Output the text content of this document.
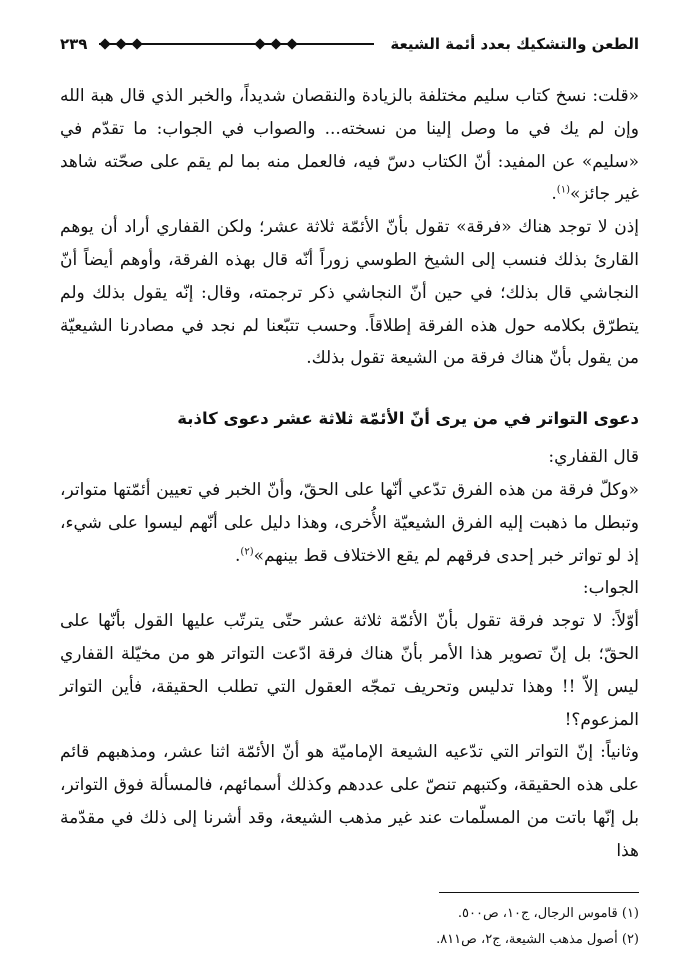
الطعن والتشكيك بعدد أئمة الشيعة
٢٣٩

«قلت: نسخ كتاب سليم مختلفة بالزيادة والنقصان شديداً، والخبر الذي قال هبة الله وإن لم يك في ما وصل إلينا من نسخته... والصواب في الجواب: ما تقدّم في «سليم» عن المفيد: أنّ الكتاب دسّ فيه، فالعمل منه بما لم يقم على صحّته شاهد غير جائز»$^{(١)}$.

إذن لا توجد هناك «فرقة» تقول بأنّ الأئمّة ثلاثة عشر؛ ولكن القفاري أراد أن يوهم القارئ بذلك فنسب إلى الشيخ الطوسي زوراً أنّه قال بهذه الفرقة، وأوهم أيضاً أنّ النجاشي قال بذلك؛ في حين أنّ النجاشي ذكر ترجمته، وقال: إنّه يقول بذلك ولم يتطرّق بكلامه حول هذه الفرقة إطلاقاً. وحسب تتبّعنا لم نجد في مصادرنا الشيعيّة من يقول بأنّ هناك فرقة من الشيعة تقول بذلك.

دعوى التواتر في من يرى أنّ الأئمّة ثلاثة عشر دعوى كاذبة

قال القفاري:

«وكلّ فرقة من هذه الفرق تدّعي أنّها على الحقّ، وأنّ الخبر في تعيين أئمّتها متواتر، وتبطل ما ذهبت إليه الفرق الشيعيّة الأُخرى، وهذا دليل على أنّهم ليسوا على شيء، إذ لو تواتر خبر إحدى فرقهم لم يقع الاختلاف قط بينهم»$^{(٢)}$.

الجواب:

أوّلاً: لا توجد فرقة تقول بأنّ الأئمّة ثلاثة عشر حتّى يترتّب عليها القول بأنّها على الحقّ؛ بل إنّ تصوير هذا الأمر بأنّ هناك فرقة ادّعت التواتر هو من مخيّلة القفاري ليس إلاّ !! وهذا تدليس وتحريف تمجّه العقول التي تطلب الحقيقة، فأين التواتر المزعوم؟!

وثانياً: إنّ التواتر التي تدّعيه الشيعة الإماميّة هو أنّ الأئمّة اثنا عشر، ومذهبهم قائم على هذه الحقيقة، وكتبهم تنصّ على عددهم وكذلك أسمائهم، فالمسألة فوق التواتر، بل إنّها باتت من المسلّمات عند غير مذهب الشيعة، وقد أشرنا إلى ذلك في مقدّمة هذا

(١) قاموس الرجال، ج١٠، ص٥٠٠.

(٢) أصول مذهب الشيعة، ج٢، ص٨١١.
